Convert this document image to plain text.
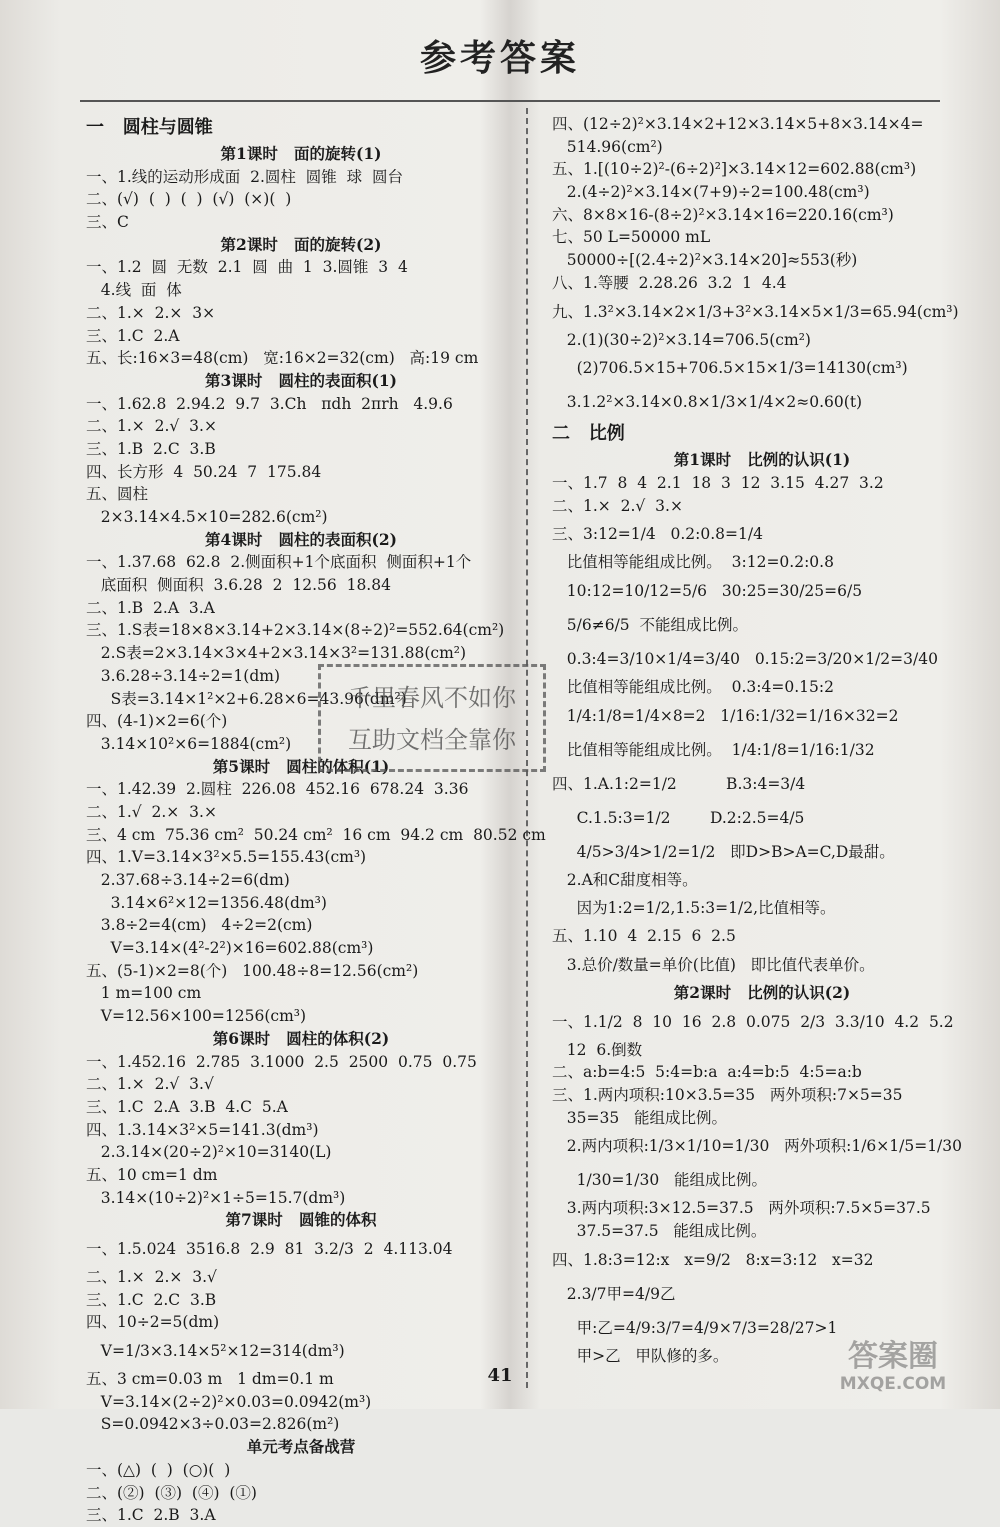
参考答案
一   圆柱与圆锥
第1课时   面的旋转(1)
一、1.线的运动形成面  2.圆柱  圆锥  球  圆台
二、(√)  (  )  (  )  (√)  (×)(  )
三、C
第2课时   面的旋转(2)
一、1.2  圆  无数  2.1  圆  曲  1  3.圆锥  3  4
4.线  面  体
二、1.×  2.×  3×
三、1.C  2.A
五、长:16×3=48(cm)   宽:16×2=32(cm)   高:19 cm
第3课时   圆柱的表面积(1)
一、1.62.8  2.94.2  9.7  3.Ch   πdh  2πrh   4.9.6
二、1.×  2.√  3.×
三、1.B  2.C  3.B
四、长方形  4  50.24  7  175.84
五、圆柱
2×3.14×4.5×10=282.6(cm²)
第4课时   圆柱的表面积(2)
一、1.37.68  62.8  2.侧面积+1个底面积  侧面积+1个
底面积  侧面积  3.6.28  2  12.56  18.84
二、1.B  2.A  3.A
三、1.S表=18×8×3.14+2×3.14×(8÷2)²=552.64(cm²)
2.S表=2×3.14×3×4+2×3.14×3²=131.88(cm²)
3.6.28÷3.14÷2=1(dm)
S表=3.14×1²×2+6.28×6=43.96(dm²)
四、(4-1)×2=6(个)
3.14×10²×6=1884(cm²)
第5课时   圆柱的体积(1)
一、1.42.39  2.圆柱  226.08  452.16  678.24  3.36
二、1.√  2.×  3.×
三、4 cm  75.36 cm²  50.24 cm²  16 cm  94.2 cm  80.52 cm
四、1.V=3.14×3²×5.5=155.43(cm³)
2.37.68÷3.14÷2=6(dm)
3.14×6²×12=1356.48(dm³)
3.8÷2=4(cm)   4÷2=2(cm)
V=3.14×(4²-2²)×16=602.88(cm³)
五、(5-1)×2=8(个)   100.48÷8=12.56(cm²)
1 m=100 cm
V=12.56×100=1256(cm³)
第6课时   圆柱的体积(2)
一、1.452.16  2.785  3.1000  2.5  2500  0.75  0.75
二、1.×  2.√  3.√
三、1.C  2.A  3.B  4.C  5.A
四、1.3.14×3²×5=141.3(dm³)
2.3.14×(20÷2)²×10=3140(L)
五、10 cm=1 dm
3.14×(10÷2)²×1÷5=15.7(dm³)
第7课时   圆锥的体积
一、1.5.024  3516.8  2.9  81  3.2/3  2  4.113.04
二、1.×  2.×  3.√
三、1.C  2.C  3.B
四、10÷2=5(dm)
V=1/3×3.14×5²×12=314(dm³)
五、3 cm=0.03 m   1 dm=0.1 m
V=3.14×(2÷2)²×0.03=0.0942(m³)
S=0.0942×3÷0.03=2.826(m²)
单元考点备战营
一、(△)  (  )  (○)(  )
二、(②)  (③)  (④)  (①)
三、1.C  2.B  3.A
四、(12÷2)²×3.14×2+12×3.14×5+8×3.14×4=
514.96(cm²)
五、1.[(10÷2)²-(6÷2)²]×3.14×12=602.88(cm³)
2.(4÷2)²×3.14×(7+9)÷2=100.48(cm³)
六、8×8×16-(8÷2)²×3.14×16=220.16(cm³)
七、50 L=50000 mL
50000÷[(2.4÷2)²×3.14×20]≈553(秒)
八、1.等腰  2.28.26  3.2  1  4.4
九、1.3²×3.14×2×1/3+3²×3.14×5×1/3=65.94(cm³)
2.(1)(30÷2)²×3.14=706.5(cm²)
(2)706.5×15+706.5×15×1/3=14130(cm³)
3.1.2²×3.14×0.8×1/3×1/4×2≈0.60(t)
二   比例
第1课时   比例的认识(1)
一、1.7  8  4  2.1  18  3  12  3.15  4.27  3.2
二、1.×  2.√  3.×
三、3:12=1/4   0.2:0.8=1/4
比值相等能组成比例。  3:12=0.2:0.8
10:12=10/12=5/6   30:25=30/25=6/5
5/6≠6/5  不能组成比例。
0.3:4=3/10×1/4=3/40   0.15:2=3/20×1/2=3/40
比值相等能组成比例。  0.3:4=0.15:2
1/4:1/8=1/4×8=2   1/16:1/32=1/16×32=2
比值相等能组成比例。  1/4:1/8=1/16:1/32
四、1.A.1:2=1/2          B.3:4=3/4
C.1.5:3=1/2        D.2:2.5=4/5
4/5>3/4>1/2=1/2   即D>B>A=C,D最甜。
2.A和C甜度相等。
因为1:2=1/2,1.5:3=1/2,比值相等。
五、1.10  4  2.15  6  2.5
3.总价/数量=单价(比值)   即比值代表单价。
第2课时   比例的认识(2)
一、1.1/2  8  10  16  2.8  0.075  2/3  3.3/10  4.2  5.2
12  6.倒数
二、a:b=4:5  5:4=b:a  a:4=b:5  4:5=a:b
三、1.两内项积:10×3.5=35   两外项积:7×5=35
35=35   能组成比例。
2.两内项积:1/3×1/10=1/30   两外项积:1/6×1/5=1/30
1/30=1/30   能组成比例。
3.两内项积:3×12.5=37.5   两外项积:7.5×5=37.5
37.5=37.5   能组成比例。
四、1.8:3=12:x   x=9/2   8:x=3:12   x=32
2.3/7甲=4/9乙
甲:乙=4/9:3/7=4/9×7/3=28/27>1
甲>乙   甲队修的多。
千里春风不如你
互助文档全靠你
41
答案圈
MXQE.COM
